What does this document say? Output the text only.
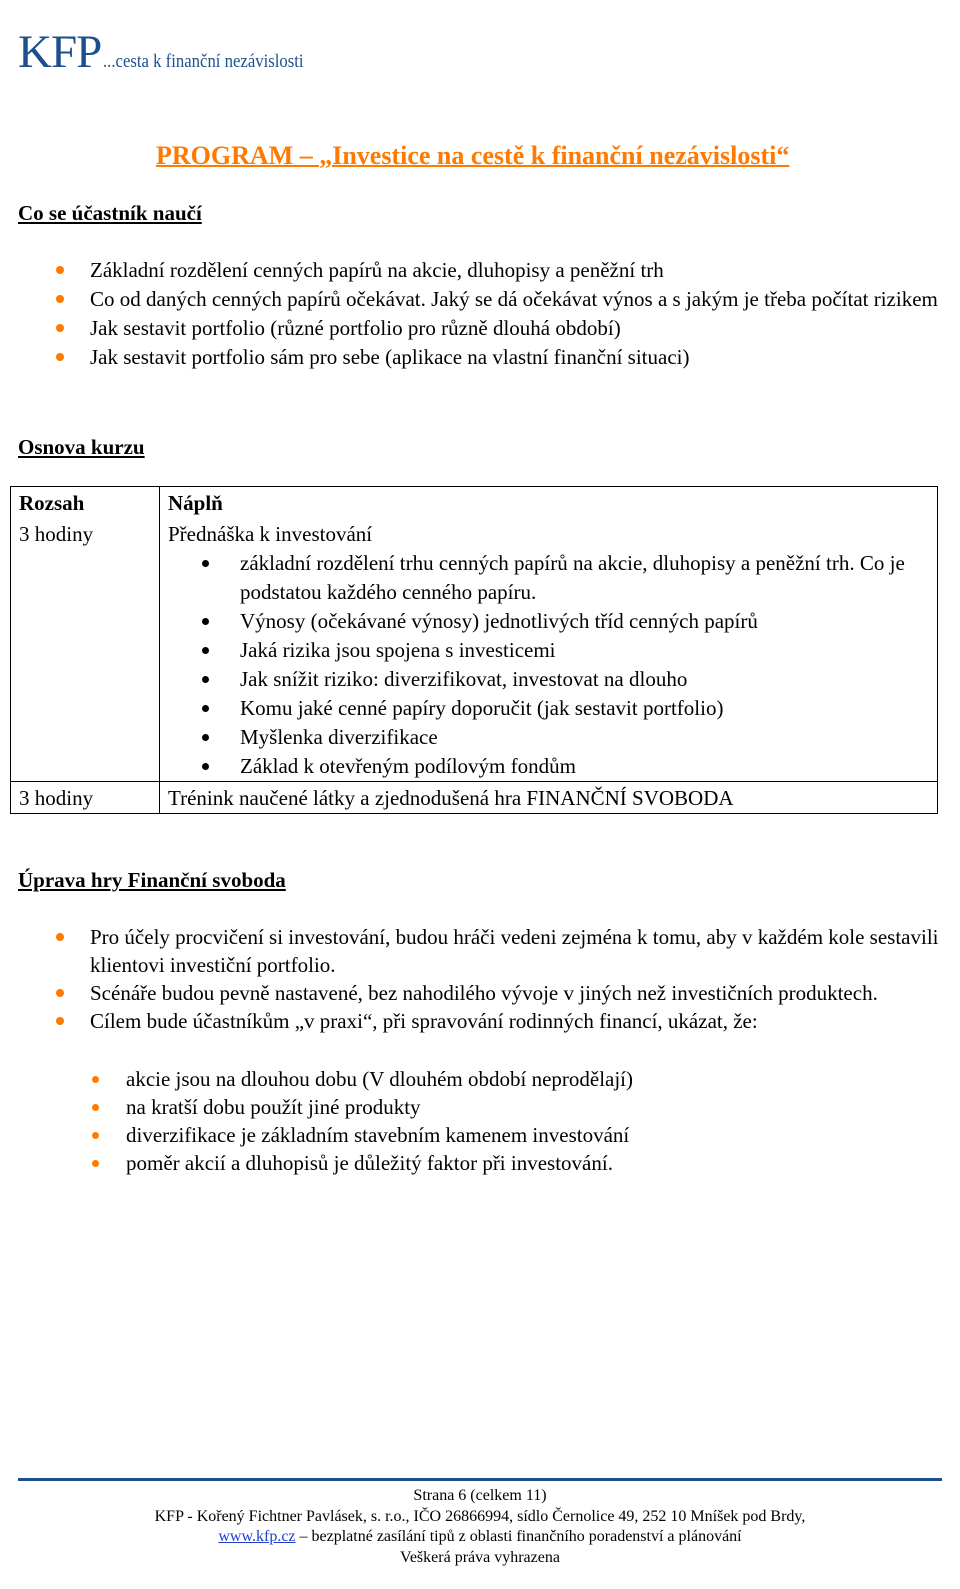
KFP ...cesta k finanční nezávislosti
PROGRAM – „Investice na cestě k finanční nezávislosti“
Co se účastník naučí
Základní rozdělení cenných papírů na akcie, dluhopisy a peněžní trh
Co od daných cenných papírů očekávat. Jaký se dá očekávat výnos a s jakým je třeba počítat rizikem
Jak sestavit portfolio (různé portfolio pro různě dlouhá období)
Jak sestavit portfolio sám pro sebe (aplikace na vlastní finanční situaci)
Osnova kurzu
Rozsah	Náplň
3 hodiny	Přednáška k investování
základní rozdělení trhu cenných papírů na akcie, dluhopisy a peněžní trh. Co je podstatou každého cenného papíru.
Výnosy (očekávané výnosy) jednotlivých tříd cenných papírů
Jaká rizika jsou spojena s investicemi
Jak snížit riziko: diverzifikovat, investovat na dlouho
Komu jaké cenné papíry doporučit (jak sestavit portfolio)
Myšlenka diverzifikace
Základ k otevřeným podílovým fondům
3 hodiny	Trénink naučené látky a zjednodušená hra FINANČNÍ SVOBODA
Úprava hry Finanční svoboda
Pro účely procvičení si investování, budou hráči vedeni zejména k tomu, aby v každém kole sestavili klientovi investiční portfolio.
Scénáře budou pevně nastavené, bez nahodilého vývoje v jiných než investičních produktech.
Cílem bude účastníkům „v praxi“, při spravování rodinných financí, ukázat, že:
akcie jsou na dlouhou dobu (V dlouhém období neprodělají)
na kratší dobu použít jiné produkty
diverzifikace je základním stavebním kamenem investování
poměr akcií a dluhopisů je důležitý faktor při investování.
Strana 6 (celkem 11)
KFP - Kořený Fichtner Pavlásek, s. r.o., IČO 26866994, sídlo Černolice 49, 252 10 Mníšek pod Brdy,
www.kfp.cz – bezplatné zasílání tipů z oblasti finančního poradenství a plánování
Veškerá práva vyhrazena
